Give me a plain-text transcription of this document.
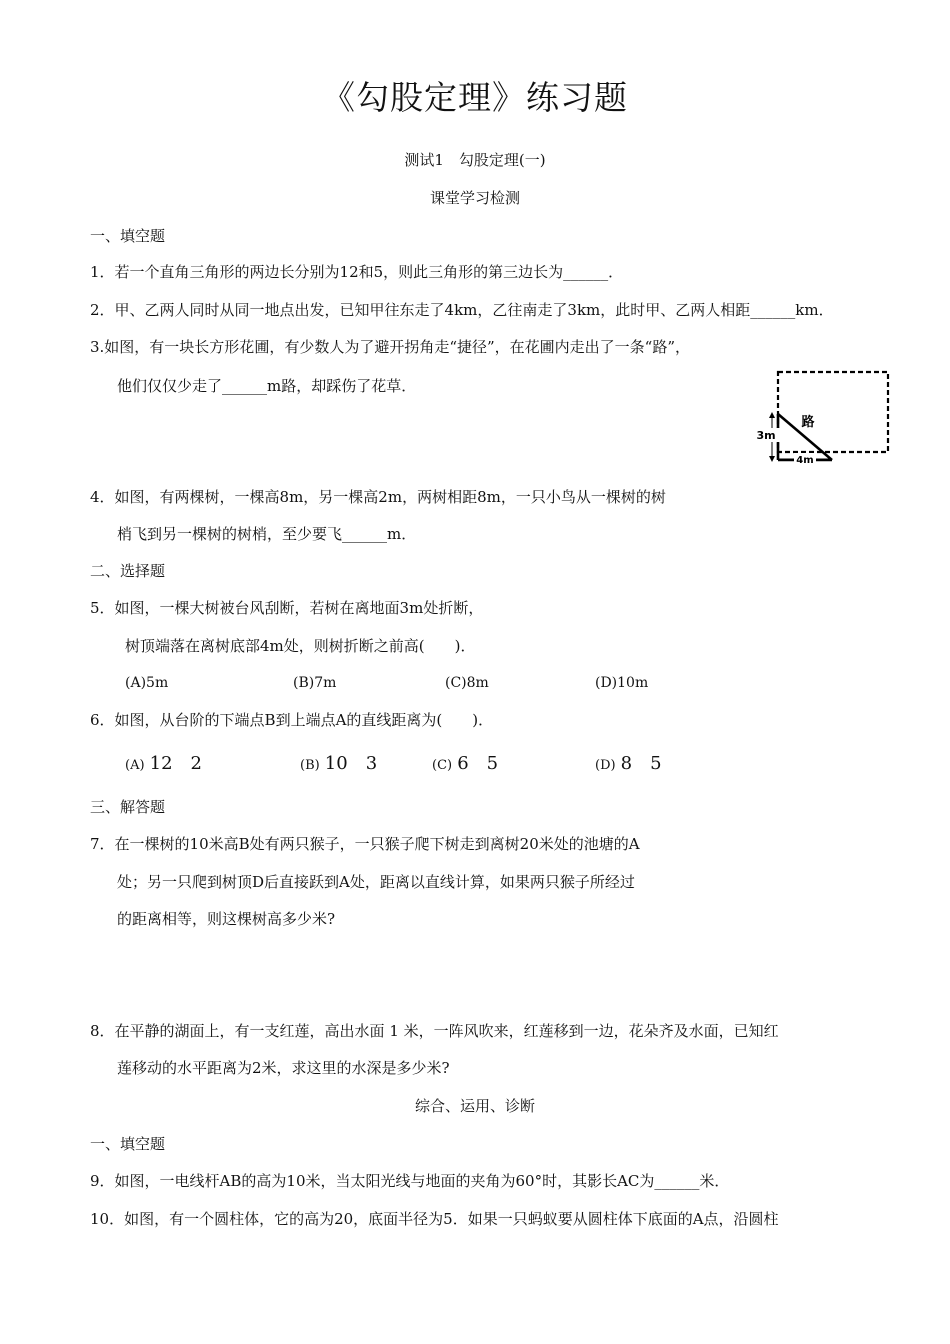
《勾股定理》练习题
测试1　勾股定理(一)
课堂学习检测
一、填空题
1．若一个直角三角形的两边长分别为12和5，则此三角形的第三边长为______．
2．甲、乙两人同时从同一地点出发，已知甲往东走了4km，乙往南走了3km，此时甲、乙两人相距______km．
3.如图，有一块长方形花圃，有少数人为了避开拐角走“捷径”，在花圃内走出了一条“路”，
他们仅仅少走了______m路，却踩伤了花草．
3m
4m
路
4．如图，有两棵树，一棵高8m，另一棵高2m，两树相距8m，一只小鸟从一棵树的树
梢飞到另一棵树的树梢，至少要飞______m．
二、选择题
5．如图，一棵大树被台风刮断，若树在离地面3m处折断，
树顶端落在离树底部4m处，则树折断之前高(　　)．
(A)5m	(B)7m	(C)8m	(D)10m
6．如图，从台阶的下端点B到上端点A的直线距离为(　　)．
(A) 12　2	(B) 10　3	(C) 6　5	(D) 8　5
三、解答题
7．在一棵树的10米高B处有两只猴子，一只猴子爬下树走到离树20米处的池塘的A
处；另一只爬到树顶D后直接跃到A处，距离以直线计算，如果两只猴子所经过
的距离相等，则这棵树高多少米?
8．在平静的湖面上，有一支红莲，高出水面 1 米，一阵风吹来，红莲移到一边，花朵齐及水面，已知红
莲移动的水平距离为2米，求这里的水深是多少米?
综合、运用、诊断
一、填空题
9．如图，一电线杆AB的高为10米，当太阳光线与地面的夹角为60°时，其影长AC为______米．
10．如图，有一个圆柱体，它的高为20，底面半径为5．如果一只蚂蚁要从圆柱体下底面的A点，沿圆柱
